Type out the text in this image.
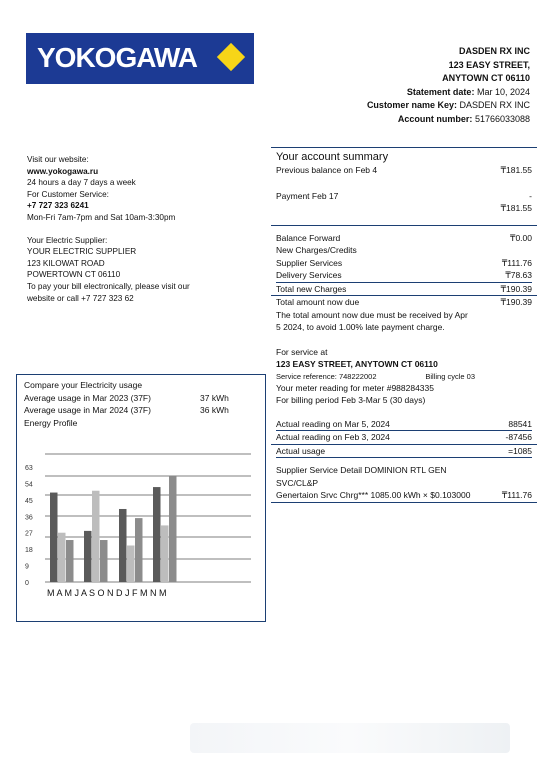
YOKOGAWA	DASDEN RX INC
123 EASY STREET,
ANYTOWN CT 06110
Statement date: Mar 10, 2024
Customer name Key: DASDEN RX INC
Account number: 51766033088
Visit our website:
www.yokogawa.ru
24 hours a day 7 days a week
For Customer Service:
+7 727 323 6241
Mon-Fri 7am-7pm and Sat 10am-3:30pm
Your Electric Supplier:
YOUR ELECTRIC SUPPLIER
123 KILOWAT ROAD
POWERTOWN CT 06110
To pay your bill electronically, please visit our
website or call +7 727 323 62
Your account summary
Previous balance on Feb 4	₸181.55
Payment Feb 17	-
₸181.55
Balance Forward	₸0.00
New Charges/Credits
Supplier Services	₸111.76
Delivery Services	₸78.63
Total new Charges	₸190.39
Total amount now due	₸190.39
The total amount now due must be received by Apr
5 2024, to avoid 1.00% late payment charge.
For service at
123 EASY STREET, ANYTOWN CT 06110
Service reference: 748222002	Billing cycle 03
Your meter reading for meter #988284335
For billing period Feb 3-Mar 5 (30 days)
Actual reading on Mar 5, 2024	88541
Actual reading on Feb 3, 2024	-87456
Actual usage	=1085
Supplier Service Detail DOMINION RTL GEN
SVC/CL&P
Genertaion Srvc Chrg*** 1085.00 kWh × $0.103000	₸111.76
Compare your Electricity usage
Average usage in Mar 2023 (37F)	37 kWh
Average usage in Mar 2024 (37F)	36 kWh
Energy Profile
0
9
18
27
36
45
54
63
M A M J A S O N D J F M N M
